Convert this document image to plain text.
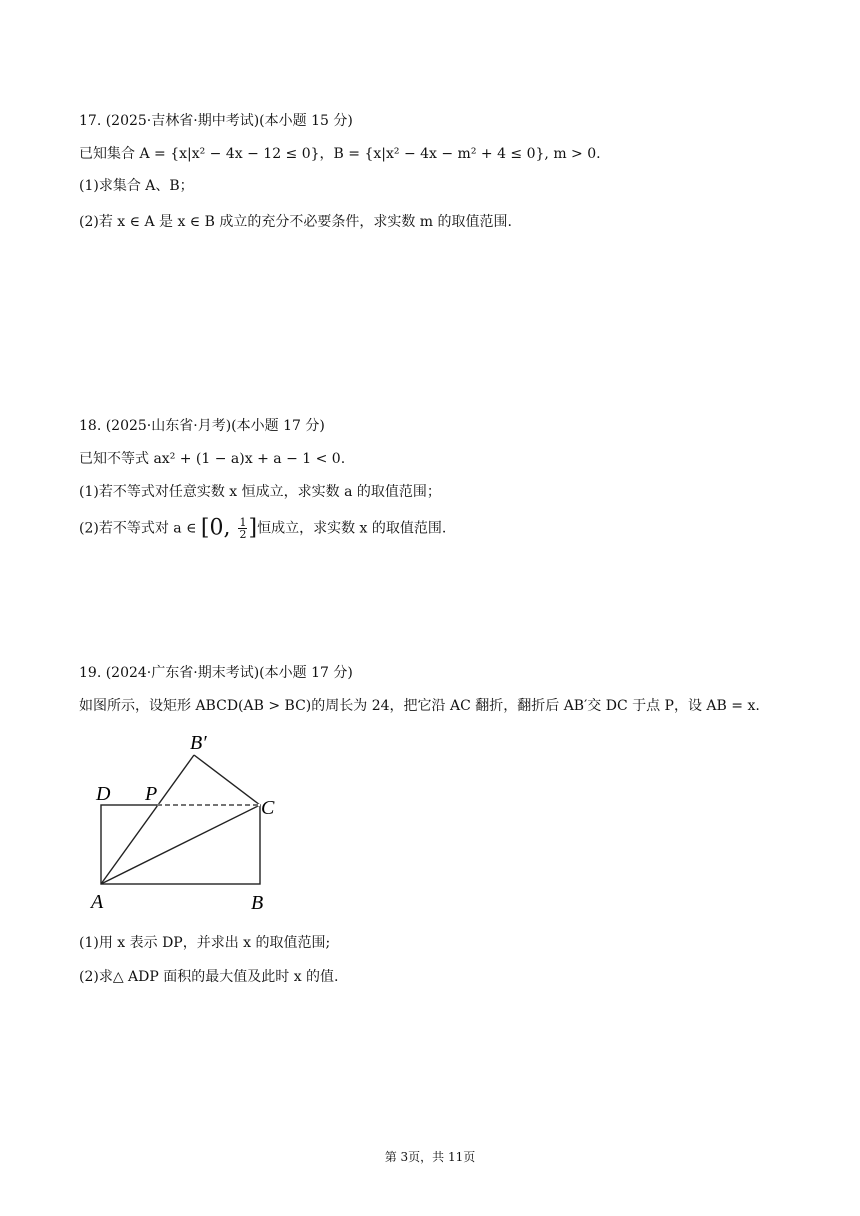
17. (2025·吉林省·期中考试)(本小题 15 分)
已知集合 A = {x|x² − 4x − 12 ≤ 0}，B = {x|x² − 4x − m² + 4 ≤ 0}, m > 0.
(1)求集合 A、B；
(2)若 x ∈ A 是 x ∈ B 成立的充分不必要条件，求实数 m 的取值范围.
18. (2025·山东省·月考)(本小题 17 分)
已知不等式 ax² + (1 − a)x + a − 1 < 0.
(1)若不等式对任意实数 x 恒成立，求实数 a 的取值范围；
(2)若不等式对 a ∈ [0, $\frac{1}{2}$ ]恒成立，求实数 x 的取值范围.
19. (2024·广东省·期末考试)(本小题 17 分)
如图所示，设矩形 ABCD(AB > BC)的周长为 24，把它沿 AC 翻折，翻折后 AB′交 DC 于点 P，设 AB = x.
B′
D P
C
A	B
(1)用 x 表示 DP，并求出 x 的取值范围;
(2)求△ ADP 面积的最大值及此时 x 的值.
第 3页，共 11页
